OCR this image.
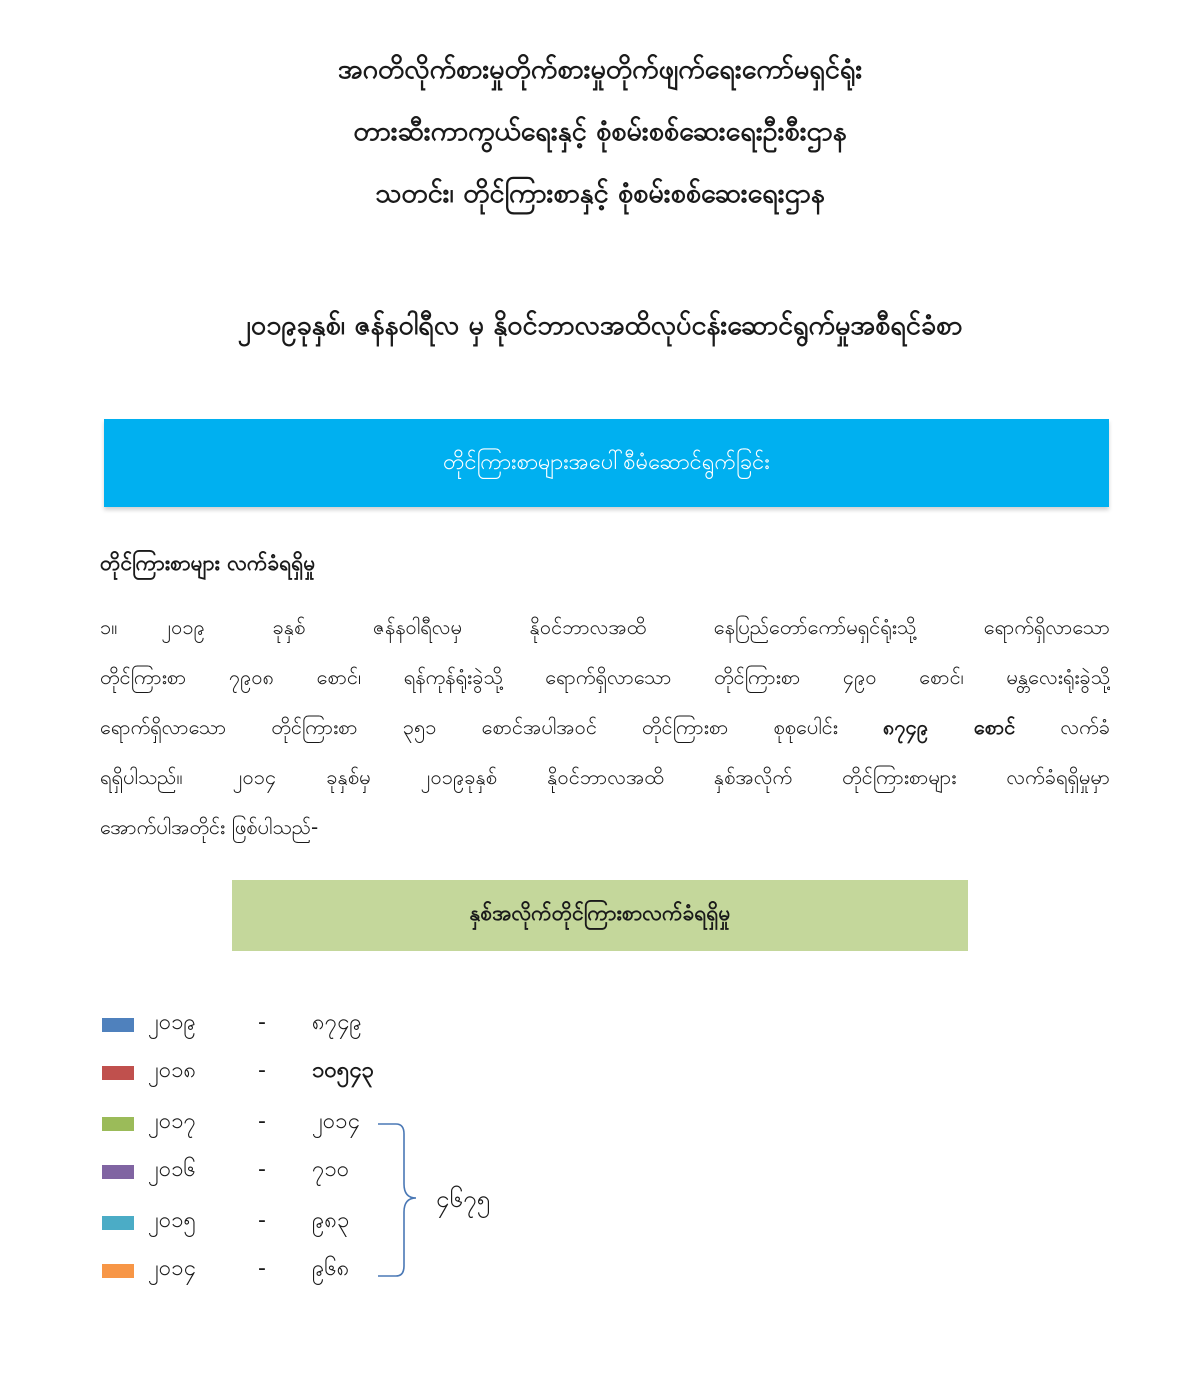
အဂတိလိုက်စားမှုတိုက်စားမှုတိုက်ဖျက်ရေးကော်မရှင်ရုံး
တားဆီးကာကွယ်ရေးနှင့် စုံစမ်းစစ်ဆေးရေးဦးစီးဌာန
သတင်း၊ တိုင်ကြားစာနှင့် စုံစမ်းစစ်ဆေးရေးဌာန
၂၀၁၉ခုနှစ်၊ ဇန်နဝါရီလ မှ နိုဝင်ဘာလအထိလုပ်ငန်းဆောင်ရွက်မှုအစီရင်ခံစာ
တိုင်ကြားစာများအပေါ်စီမံဆောင်ရွက်ခြင်း
တိုင်ကြားစာများ လက်ခံရရှိမှု
၁။ ၂၀၁၉ ခုနှစ် ဇန်နဝါရီလမှ နိုဝင်ဘာလအထိ နေပြည်တော်ကော်မရှင်ရုံးသို့ ရောက်ရှိလာသော
တိုင်ကြားစာ ၇၉၀၈ စောင်၊ ရန်ကုန်ရုံးခွဲသို့ ရောက်ရှိလာသော တိုင်ကြားစာ ၄၉၀ စောင်၊ မန္တလေးရုံးခွဲသို့
ရောက်ရှိလာသော တိုင်ကြားစာ ၃၅၁ စောင်အပါအဝင် တိုင်ကြားစာ စုစုပေါင်း ၈၇၄၉ စောင် လက်ခံ
ရရှိပါသည်။ ၂၀၁၄ ခုနှစ်မှ ၂၀၁၉ခုနှစ် နိုဝင်ဘာလအထိ နှစ်အလိုက် တိုင်ကြားစာများ လက်ခံရရှိမှုမှာ
အောက်ပါအတိုင်း ဖြစ်ပါသည်-
နှစ်အလိုက်တိုင်ကြားစာလက်ခံရရှိမှု
၂၀၁၉	- ၈၇၄၉
၂၀၁၈	- ၁၀၅၄၃
၂၀၁၇	- ၂၀၁၄
၂၀၁၆	- ၇၁၀
၂၀၁၅	- ၉၈၃
၂၀၁၄	- ၉၆၈
၄၆၇၅
